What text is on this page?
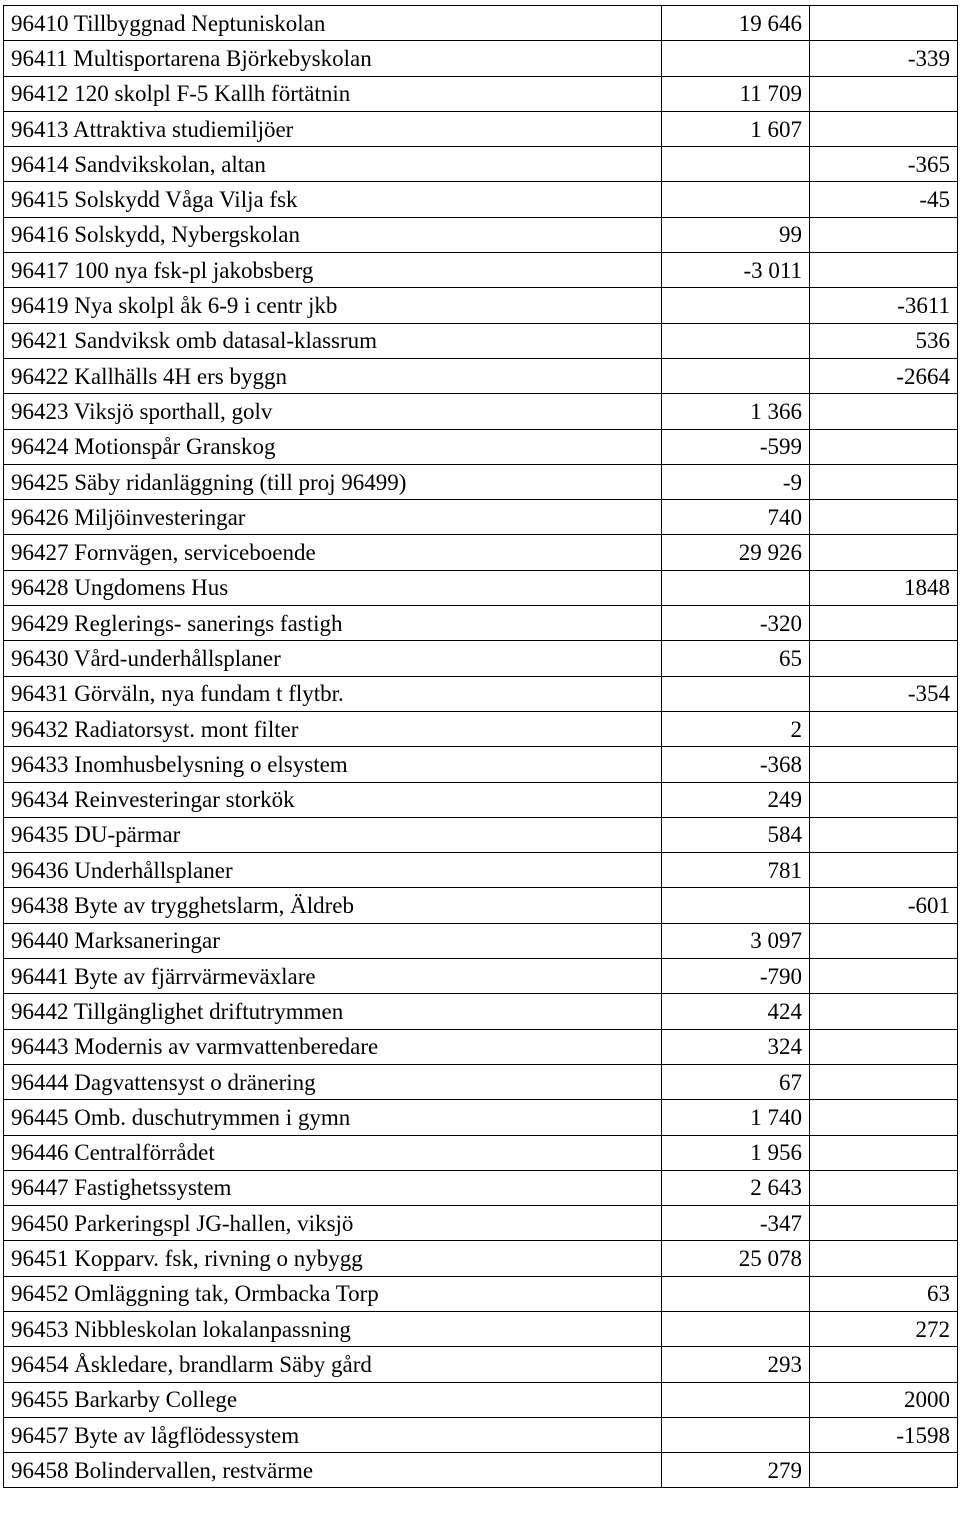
96410 Tillbyggnad Neptuniskolan	19 646	
96411 Multisportarena Björkebyskolan		-339
96412 120 skolpl F-5 Kallh förtätnin	11 709	
96413 Attraktiva studiemiljöer	1 607	
96414 Sandvikskolan, altan		-365
96415 Solskydd Våga Vilja fsk		-45
96416 Solskydd, Nybergskolan	99	
96417 100 nya fsk-pl jakobsberg	-3 011	
96419 Nya skolpl åk 6-9 i centr jkb		-3611
96421 Sandviksk omb datasal-klassrum		536
96422 Kallhälls 4H ers byggn		-2664
96423 Viksjö sporthall, golv	1 366	
96424 Motionspår Granskog	-599	
96425 Säby ridanläggning (till proj 96499)	-9	
96426 Miljöinvesteringar	740	
96427 Fornvägen, serviceboende	29 926	
96428 Ungdomens Hus		1848
96429 Reglerings- sanerings fastigh	-320	
96430 Vård-underhållsplaner	65	
96431 Görväln, nya fundam t flytbr.		-354
96432 Radiatorsyst. mont filter	2	
96433 Inomhusbelysning o elsystem	-368	
96434 Reinvesteringar storkök	249	
96435 DU-pärmar	584	
96436 Underhållsplaner	781	
96438 Byte av trygghetslarm, Äldreb		-601
96440 Marksaneringar	3 097	
96441 Byte av fjärrvärmeväxlare	-790	
96442 Tillgänglighet driftutrymmen	424	
96443 Modernis av varmvattenberedare	324	
96444 Dagvattensyst o dränering	67	
96445 Omb. duschutrymmen i gymn	1 740	
96446 Centralförrådet	1 956	
96447 Fastighetssystem	2 643	
96450 Parkeringspl JG-hallen, viksjö	-347	
96451 Kopparv. fsk, rivning o nybygg	25 078	
96452 Omläggning tak, Ormbacka Torp		63
96453 Nibbleskolan lokalanpassning		272
96454 Åskledare, brandlarm Säby gård	293	
96455 Barkarby College		2000
96457 Byte av lågflödessystem		-1598
96458 Bolindervallen, restvärme	279	
